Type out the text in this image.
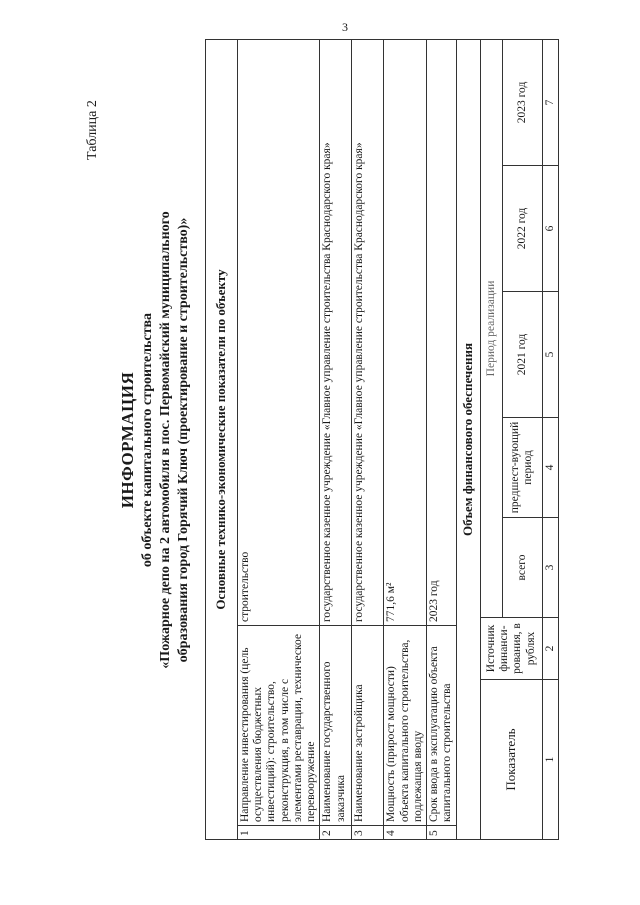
3
Таблица 2
ИНФОРМАЦИЯ об объекте капитального строительства «Пожарное депо на 2 автомобиля в пос. Первомайский муниципального образования город Горячий Ключ (проектирование и строительство)» Основные технико-экономические показатели по объекту		
1	Направление инвестирования (цель осуществления бюджетных инвестиций): строительство, реконструкция, в том числе с элементами реставрации, техническое перевооружение	строительство
2	Наименование государственного заказчика	государственное казенное учреждение «Главное управление строительства Краснодарского края»
3	Наименование застройщика	государственное казенное учреждение «Главное управление строительства Краснодарского края»
4	Мощность (прирост мощности) объекта капитального строительства, подлежащая вводу	771,6 м²
5	Срок ввода в эксплуатацию объекта капитального строительства	2023 год
Объем финансового обеспечения						
Показатель	Источник финанси-рования, в рублях	Период реализации				
		всего	предшест-вующий период	2021 год	2022 год	2023 год
1	2	3	4	5	6	7
